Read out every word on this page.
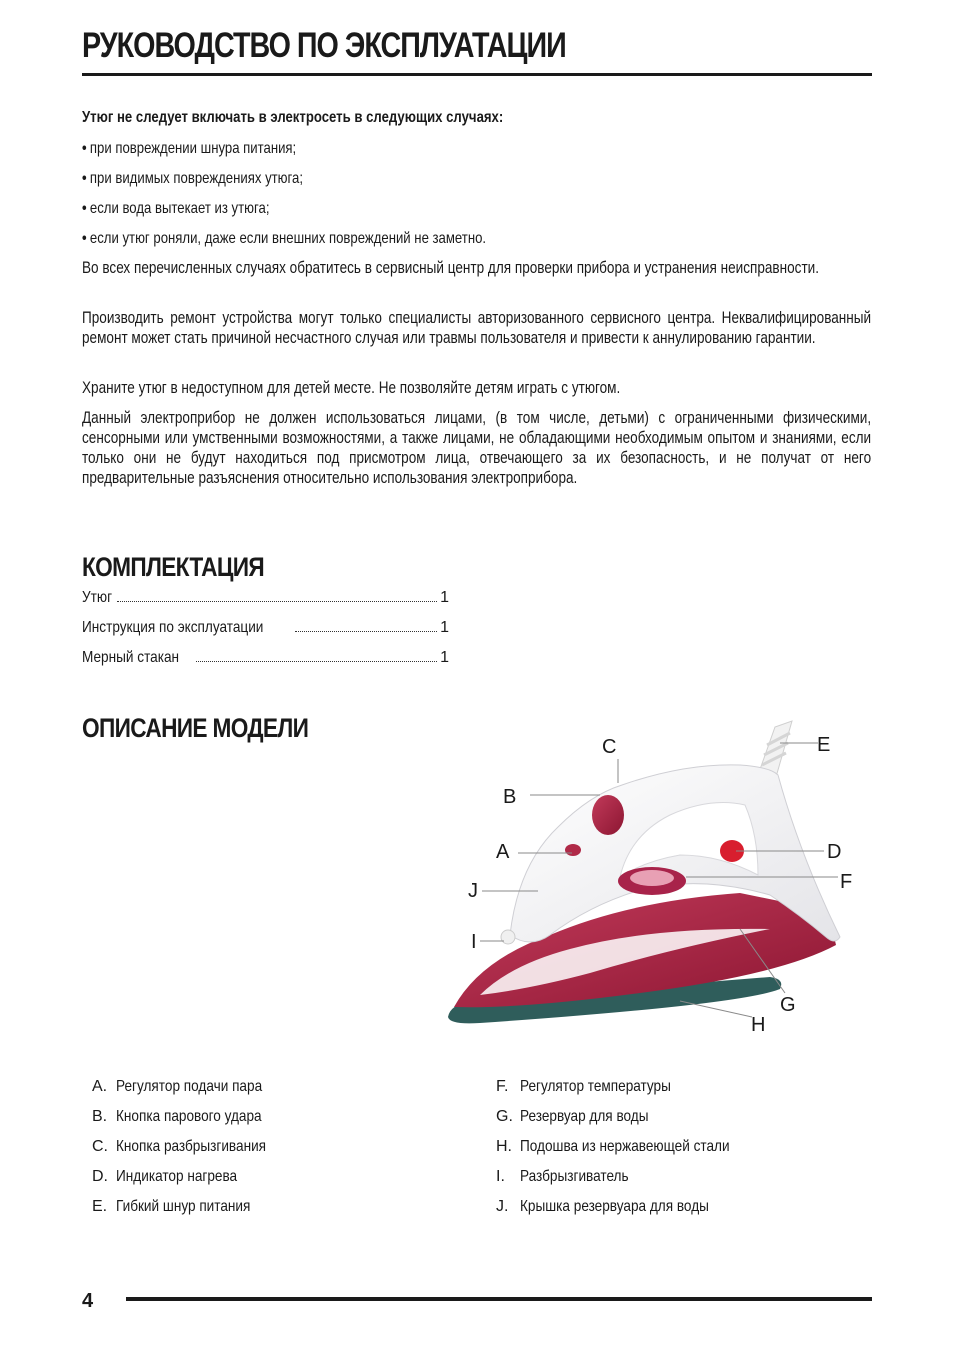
РУКОВОДСТВО ПО ЭКСПЛУАТАЦИИ
Утюг не следует включать в электросеть в следующих случаях:
• при повреждении шнура питания;
• при видимых повреждениях утюга;
• если вода вытекает из утюга;
• если утюг роняли, даже если внешних повреждений не заметно.

Во всех перечисленных случаях обратитесь в сервисный центр для проверки прибора и устранения неисправности.

Производить ремонт устройства могут только специалисты авторизованного сервисного центра. Неквалифицированный ремонт может стать причиной несчастного случая или травмы пользователя и привести к аннулированию гарантии.

Храните утюг в недоступном для детей месте. Не позволяйте детям играть с утюгом.

Данный электроприбор не должен использоваться лицами, (в том числе, детьми) с ограниченными физическими, сенсорными или умственными возможностями, а также лицами, не обладающими необходимым опытом и знаниями, если только они не будут находиться под присмотром лица, отвечающего за их безопасность, и не получат от него предварительные разъяснения относительно использования электроприбора.

КОМПЛЕКТАЦИЯ
Утюг	1
Инструкция по эксплуатации	1
Мерный стакан	1
ОПИСАНИЕ МОДЕЛИ
C	E
B
A	D
F
J
I
G
H
A. Регулятор подачи пара
B. Кнопка парового удара
C. Кнопка разбрызгивания
D. Индикатор нагрева
E. Гибкий шнур питания
F. Регулятор температуры
G. Резервуар для воды
H. Подошва из нержавеющей стали
I. Разбрызгиватель
J. Крышка резервуара для воды
4
